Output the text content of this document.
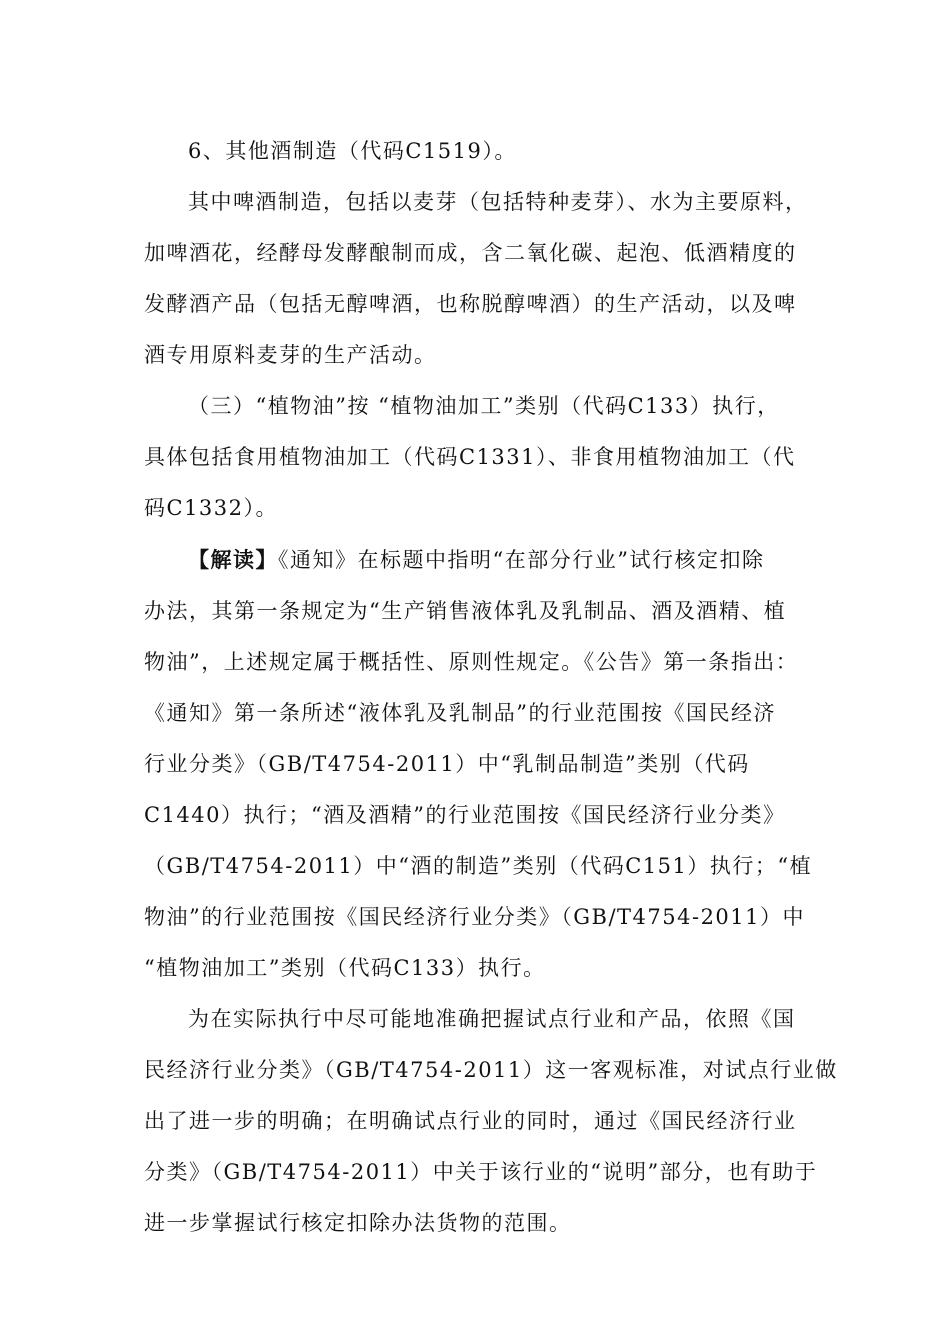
6、其他酒制造（代码C1519）。
其中啤酒制造，包括以麦芽（包括特种麦芽）、水为主要原料，
加啤酒花，经酵母发酵酿制而成，含二氧化碳、起泡、低酒精度的
发酵酒产品（包括无醇啤酒，也称脱醇啤酒）的生产活动，以及啤
酒专用原料麦芽的生产活动。
（三）“植物油”按 “植物油加工”类别（代码C133）执行，
具体包括食用植物油加工（代码C1331）、非食用植物油加工（代
码C1332）。
【解读】《通知》在标题中指明“在部分行业”试行核定扣除
办法，其第一条规定为“生产销售液体乳及乳制品、酒及酒精、植
物油”，上述规定属于概括性、原则性规定。《公告》第一条指出：
《通知》第一条所述“液体乳及乳制品”的行业范围按《国民经济
行业分类》（GB/T4754-2011）中“乳制品制造”类别（代码
C1440）执行；“酒及酒精”的行业范围按《国民经济行业分类》
（GB/T4754-2011）中“酒的制造”类别（代码C151）执行；“植
物油”的行业范围按《国民经济行业分类》（GB/T4754-2011）中
“植物油加工”类别（代码C133）执行。
为在实际执行中尽可能地准确把握试点行业和产品，依照《国
民经济行业分类》（GB/T4754-2011）这一客观标准，对试点行业做
出了进一步的明确；在明确试点行业的同时，通过《国民经济行业
分类》（GB/T4754-2011）中关于该行业的“说明”部分，也有助于
进一步掌握试行核定扣除办法货物的范围。
